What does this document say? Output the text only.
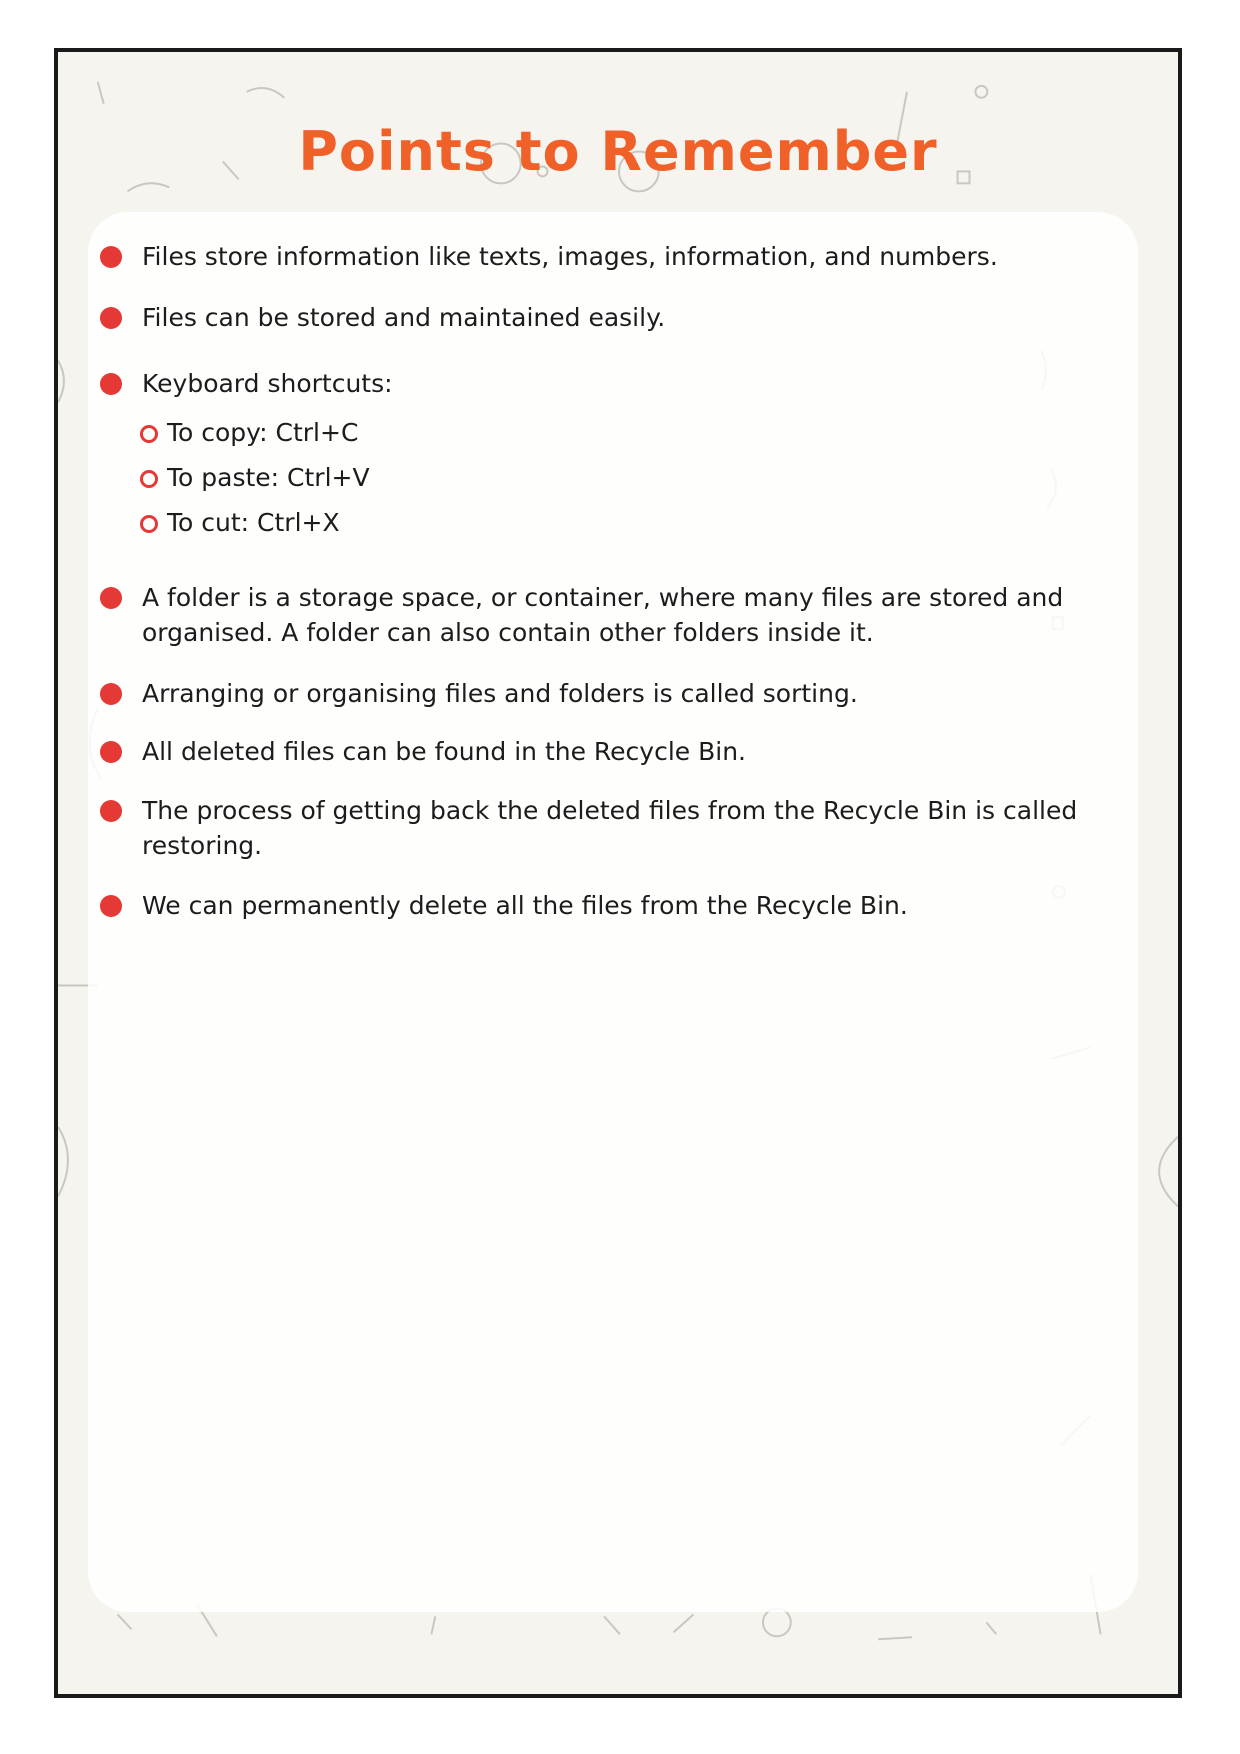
Points to Remember
Files store information like texts, images, information, and numbers.
Files can be stored and maintained easily.
Keyboard shortcuts:
To copy: Ctrl+C
To paste: Ctrl+V
To cut: Ctrl+X
A folder is a storage space, or container, where many files are stored and organised. A folder can also contain other folders inside it.
Arranging or organising files and folders is called sorting.
All deleted files can be found in the Recycle Bin.
The process of getting back the deleted files from the Recycle Bin is called restoring.
We can permanently delete all the files from the Recycle Bin.
